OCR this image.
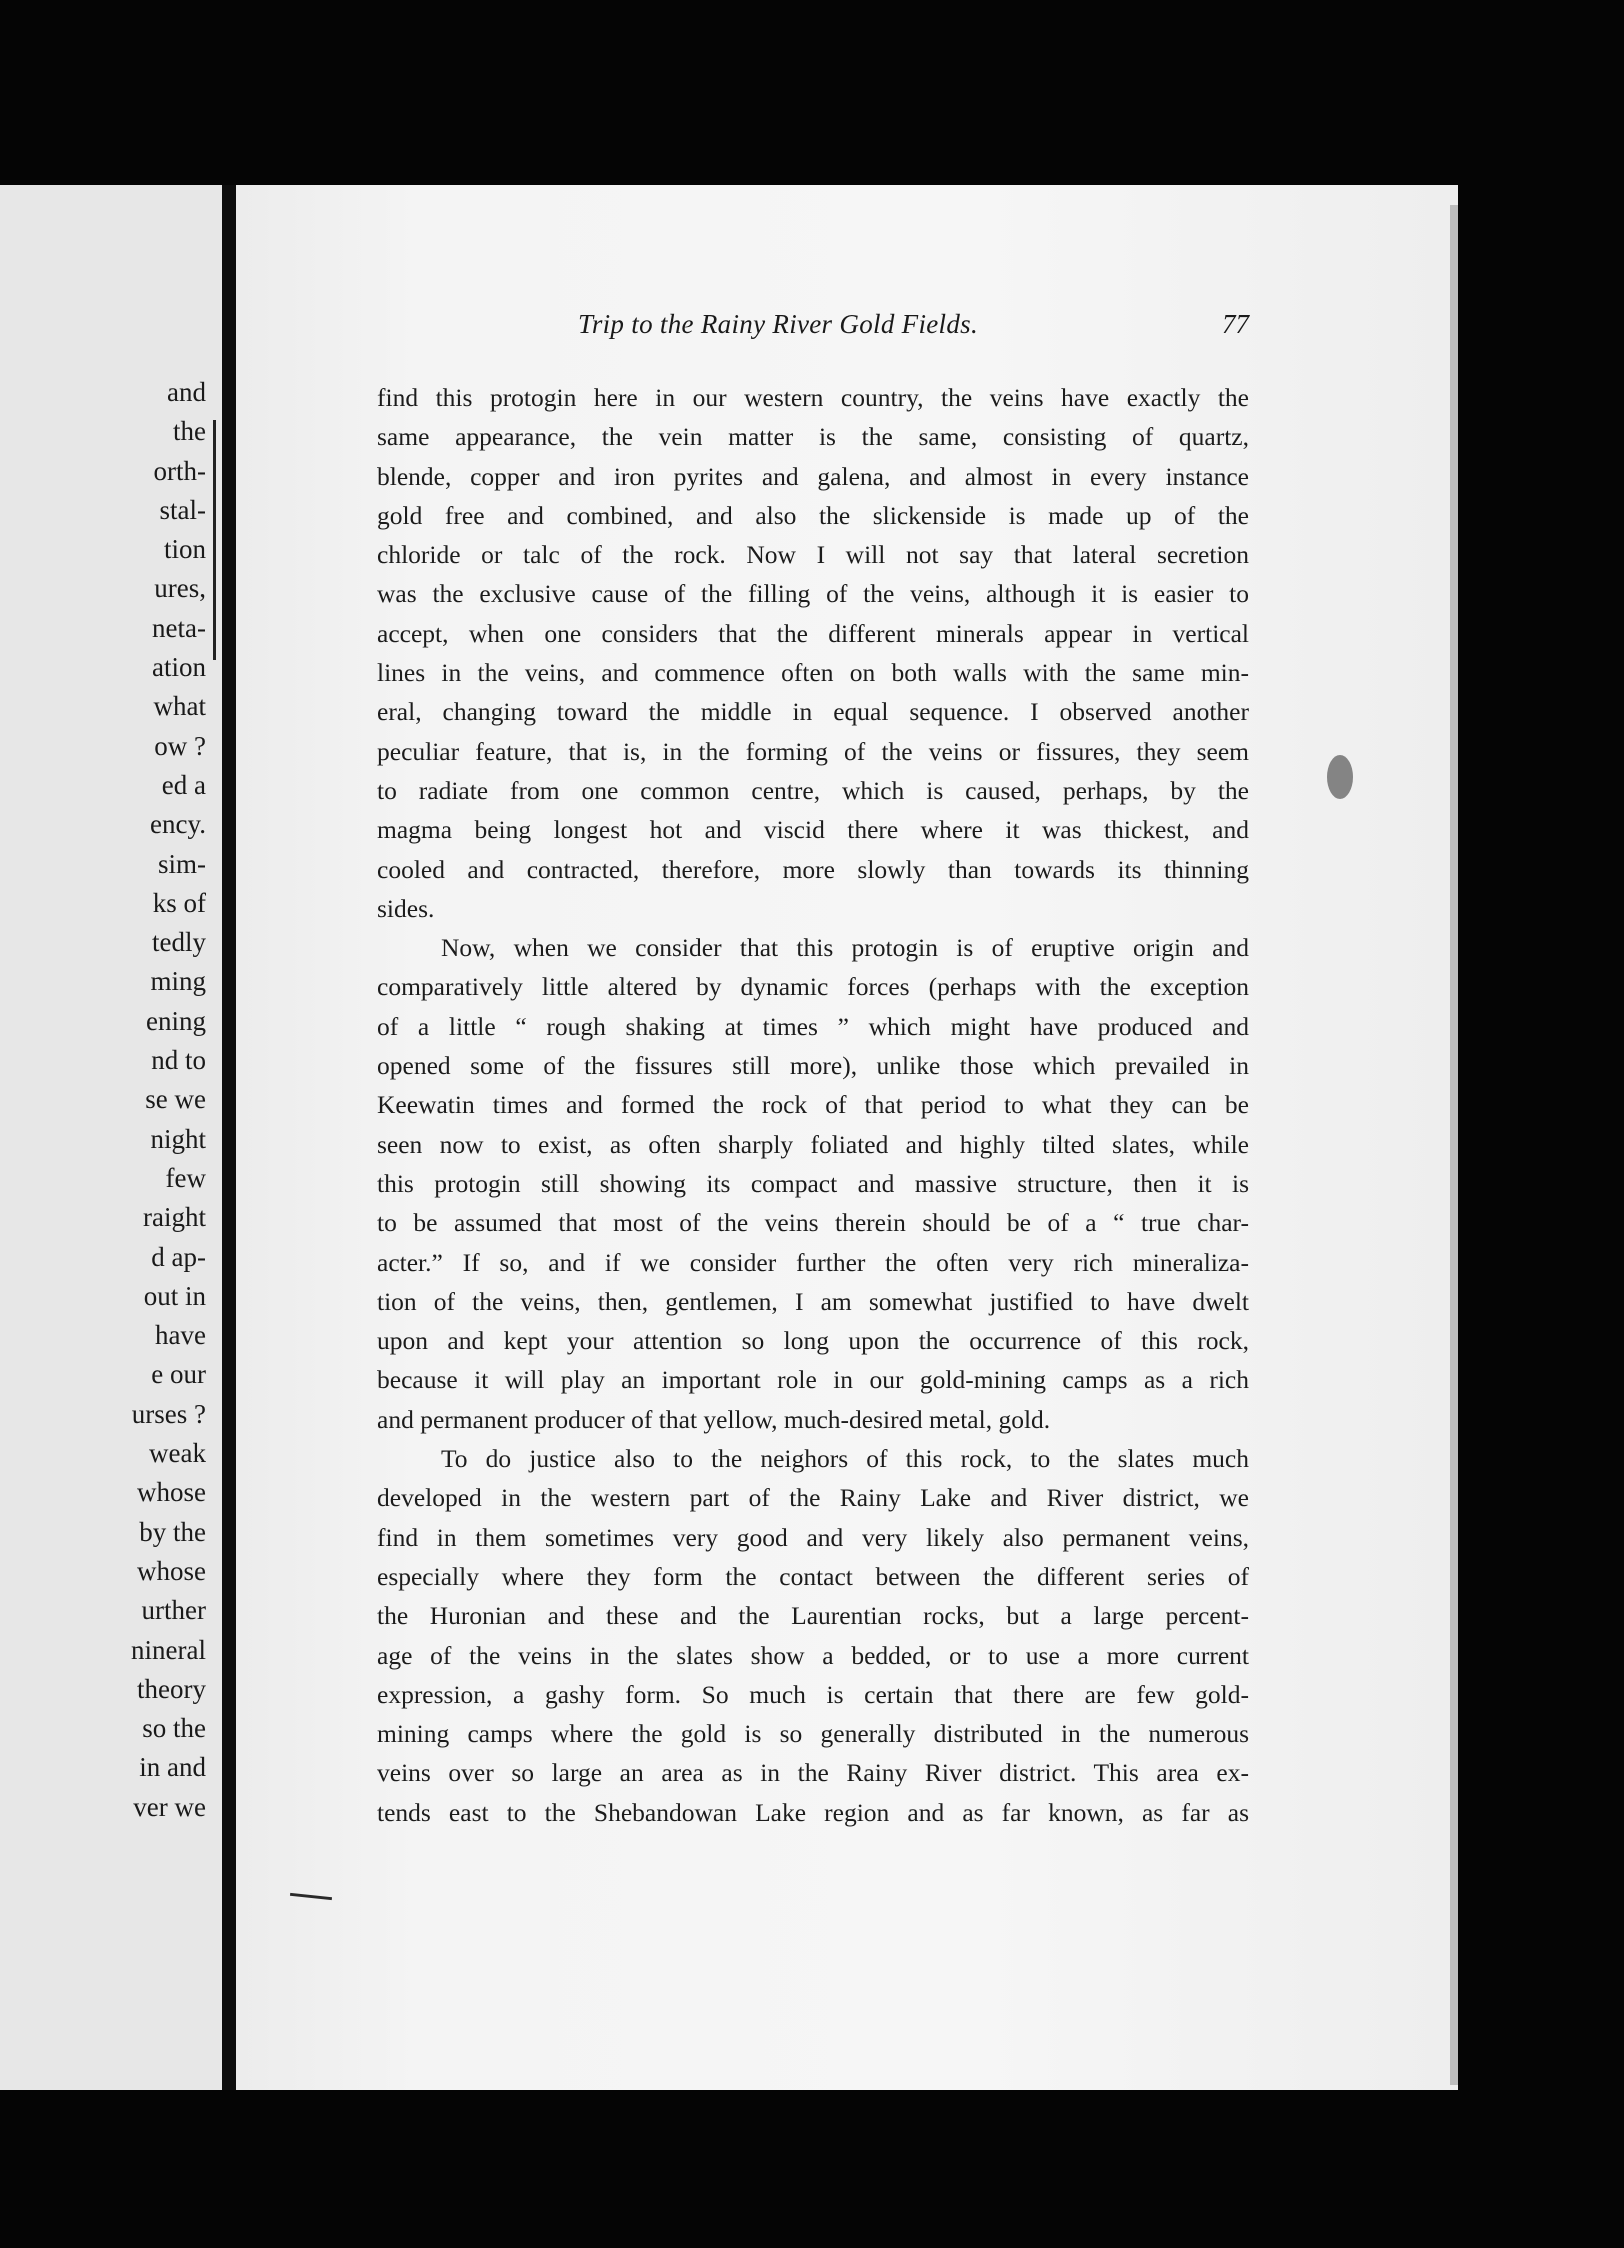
and
the
orth-
stal-
tion
ures,
neta-
ation
what
ow ?
ed a
ency.
sim-
ks of
tedly
ming
ening
nd to
se we
night
few
raight
d ap-
out in
have
e our
urses ?
weak
whose
by the
whose
urther
nineral
theory
so the
in and
ver we
Trip to the Rainy River Gold Fields.	77
find this protogin here in our western country, the veins have exactly the
same appearance, the vein matter is the same, consisting of quartz,
blende, copper and iron pyrites and galena, and almost in every instance
gold free and combined, and also the slickenside is made up of the
chloride or talc of the rock. Now I will not say that lateral secretion
was the exclusive cause of the filling of the veins, although it is easier to
accept, when one considers that the different minerals appear in vertical
lines in the veins, and commence often on both walls with the same min-
eral, changing toward the middle in equal sequence. I observed another
peculiar feature, that is, in the forming of the veins or fissures, they seem
to radiate from one common centre, which is caused, perhaps, by the
magma being longest hot and viscid there where it was thickest, and
cooled and contracted, therefore, more slowly than towards its thinning
sides.
Now, when we consider that this protogin is of eruptive origin and
comparatively little altered by dynamic forces (perhaps with the exception
of a little “ rough shaking at times ” which might have produced and
opened some of the fissures still more), unlike those which prevailed in
Keewatin times and formed the rock of that period to what they can be
seen now to exist, as often sharply foliated and highly tilted slates, while
this protogin still showing its compact and massive structure, then it is
to be assumed that most of the veins therein should be of a “ true char-
acter.” If so, and if we consider further the often very rich mineraliza-
tion of the veins, then, gentlemen, I am somewhat justified to have dwelt
upon and kept your attention so long upon the occurrence of this rock,
because it will play an important role in our gold-mining camps as a rich
and permanent producer of that yellow, much-desired metal, gold.
To do justice also to the neighors of this rock, to the slates much
developed in the western part of the Rainy Lake and River district, we
find in them sometimes very good and very likely also permanent veins,
especially where they form the contact between the different series of
the Huronian and these and the Laurentian rocks, but a large percent-
age of the veins in the slates show a bedded, or to use a more current
expression, a gashy form. So much is certain that there are few gold-
mining camps where the gold is so generally distributed in the numerous
veins over so large an area as in the Rainy River district. This area ex-
tends east to the Shebandowan Lake region and as far known, as far as
